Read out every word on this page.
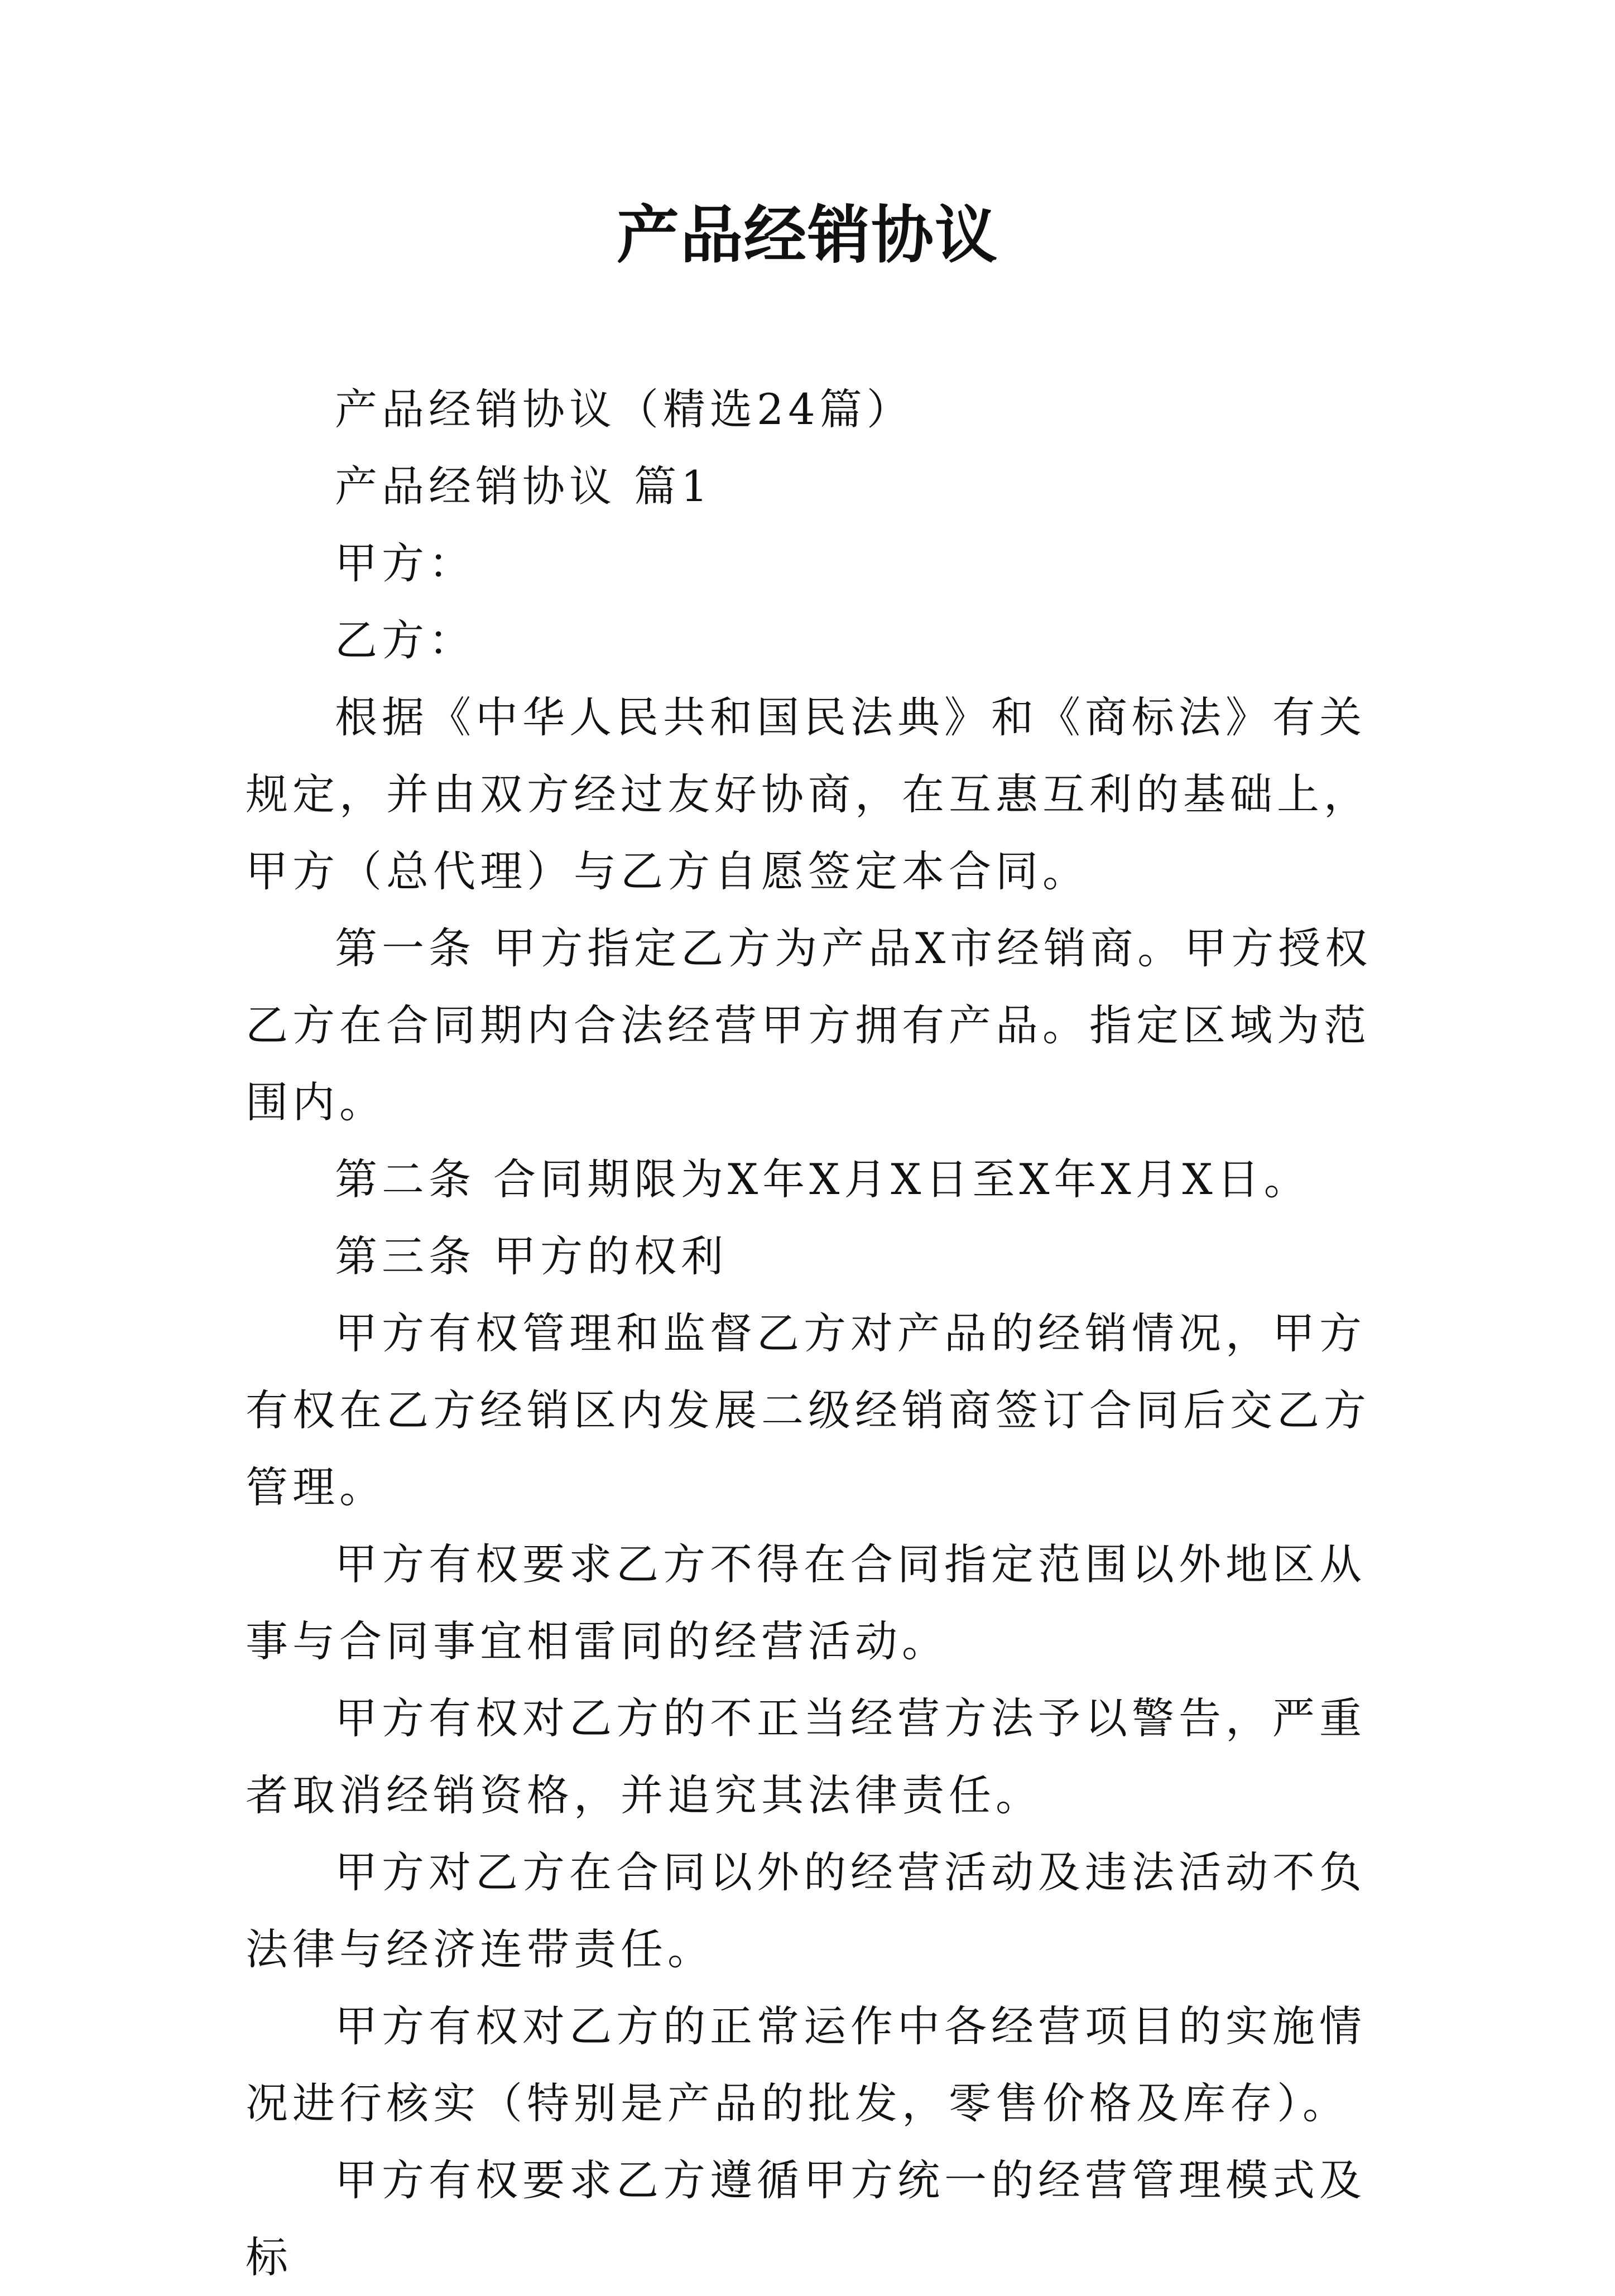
产品经销协议

产品经销协议（精选24篇）

产品经销协议 篇1

甲方：

乙方：

根据《中华人民共和国民法典》和《商标法》有关规定，并由双方经过友好协商，在互惠互利的基础上，甲方（总代理）与乙方自愿签定本合同。

第一条 甲方指定乙方为产品X市经销商。甲方授权乙方在合同期内合法经营甲方拥有产品。指定区域为范围内。

第二条 合同期限为X年X月X日至X年X月X日。

第三条 甲方的权利

甲方有权管理和监督乙方对产品的经销情况，甲方有权在乙方经销区内发展二级经销商签订合同后交乙方管理。

甲方有权要求乙方不得在合同指定范围以外地区从事与合同事宜相雷同的经营活动。

甲方有权对乙方的不正当经营方法予以警告，严重者取消经销资格，并追究其法律责任。

甲方对乙方在合同以外的经营活动及违法活动不负法律与经济连带责任。

甲方有权对乙方的正常运作中各经营项目的实施情况进行核实（特别是产品的批发，零售价格及库存）。

甲方有权要求乙方遵循甲方统一的经营管理模式及标
